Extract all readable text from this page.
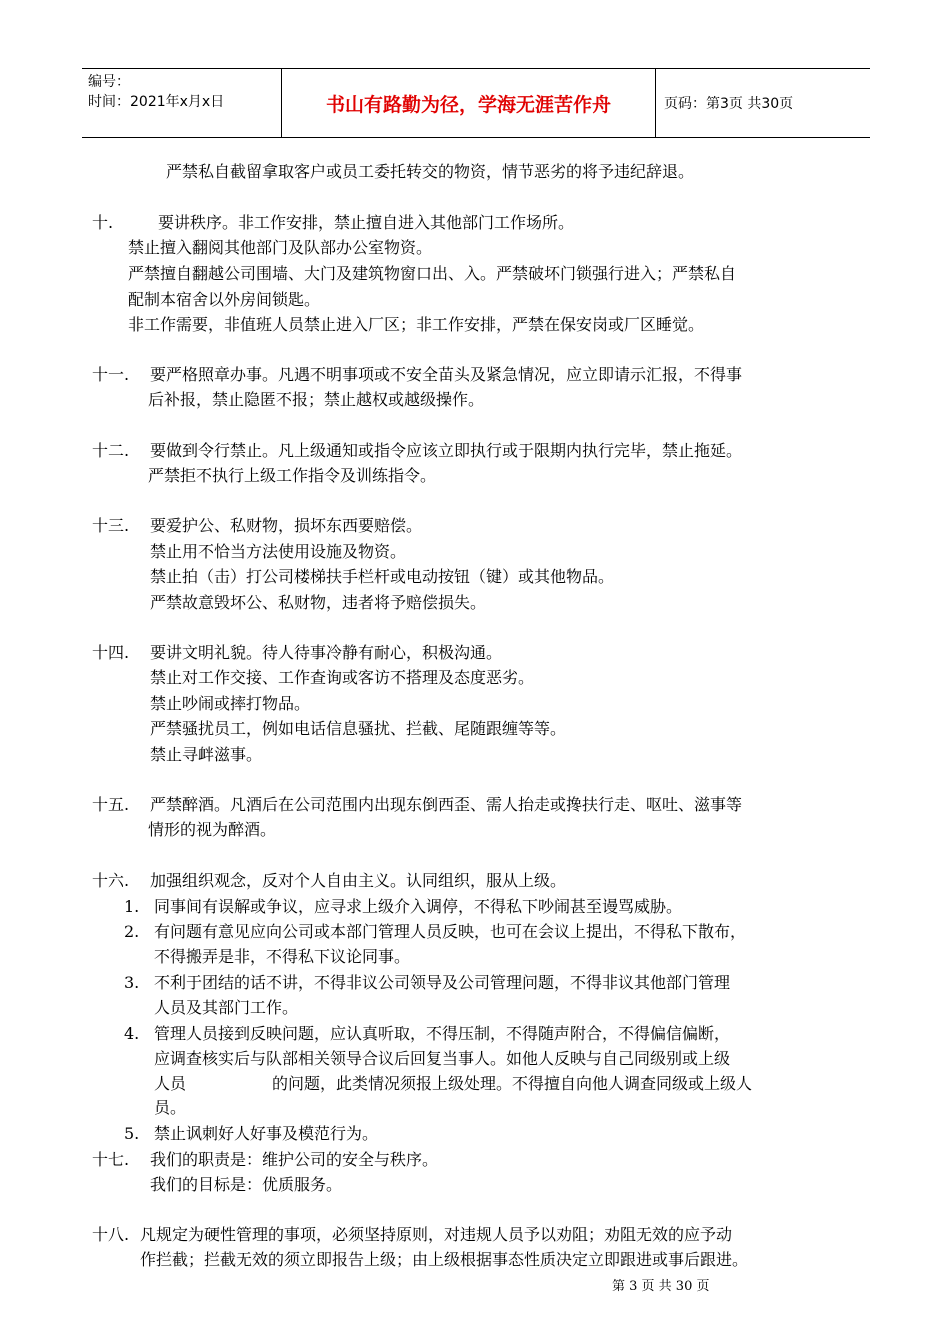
编号：
时间：2021年x月x日	书山有路勤为径，学海无涯苦作舟	页码：第3页 共30页
严禁私自截留拿取客户或员工委托转交的物资，情节恶劣的将予违纪辞退。
十.	要讲秩序。非工作安排，禁止擅自进入其他部门工作场所。
禁止擅入翻阅其他部门及队部办公室物资。
严禁擅自翻越公司围墙、大门及建筑物窗口出、入。严禁破坏门锁强行进入；严禁私自
配制本宿舍以外房间锁匙。
非工作需要，非值班人员禁止进入厂区；非工作安排，严禁在保安岗或厂区睡觉。
十一. 要严格照章办事。凡遇不明事项或不安全苗头及紧急情况，应立即请示汇报，不得事
后补报，禁止隐匿不报；禁止越权或越级操作。
十二. 要做到令行禁止。凡上级通知或指令应该立即执行或于限期内执行完毕，禁止拖延。
严禁拒不执行上级工作指令及训练指令。
十三. 要爱护公、私财物，损坏东西要赔偿。
禁止用不恰当方法使用设施及物资。
禁止拍（击）打公司楼梯扶手栏杆或电动按钮（键）或其他物品。
严禁故意毁坏公、私财物，违者将予赔偿损失。
十四. 要讲文明礼貌。待人待事冷静有耐心，积极沟通。
禁止对工作交接、工作查询或客访不搭理及态度恶劣。
禁止吵闹或摔打物品。
严禁骚扰员工，例如电话信息骚扰、拦截、尾随跟缠等等。
禁止寻衅滋事。
十五. 严禁醉酒。凡酒后在公司范围内出现东倒西歪、需人抬走或搀扶行走、呕吐、滋事等
情形的视为醉酒。
十六. 加强组织观念，反对个人自由主义。认同组织，服从上级。
1. 同事间有误解或争议，应寻求上级介入调停，不得私下吵闹甚至谩骂威胁。
2. 有问题有意见应向公司或本部门管理人员反映，也可在会议上提出，不得私下散布，
不得搬弄是非，不得私下议论同事。
3. 不利于团结的话不讲，不得非议公司领导及公司管理问题，不得非议其他部门管理
人员及其部门工作。
4. 管理人员接到反映问题，应认真听取，不得压制，不得随声附合，不得偏信偏断，
应调查核实后与队部相关领导合议后回复当事人。如他人反映与自己同级别或上级
人员	的问题，此类情况须报上级处理。不得擅自向他人调查同级或上级人
员。
5. 禁止讽刺好人好事及模范行为。
十七. 我们的职责是：维护公司的安全与秩序。
我们的目标是：优质服务。
十八. 凡规定为硬性管理的事项，必须坚持原则，对违规人员予以劝阻；劝阻无效的应予动
作拦截；拦截无效的须立即报告上级；由上级根据事态性质决定立即跟进或事后跟进。
第 3 页 共 30 页
